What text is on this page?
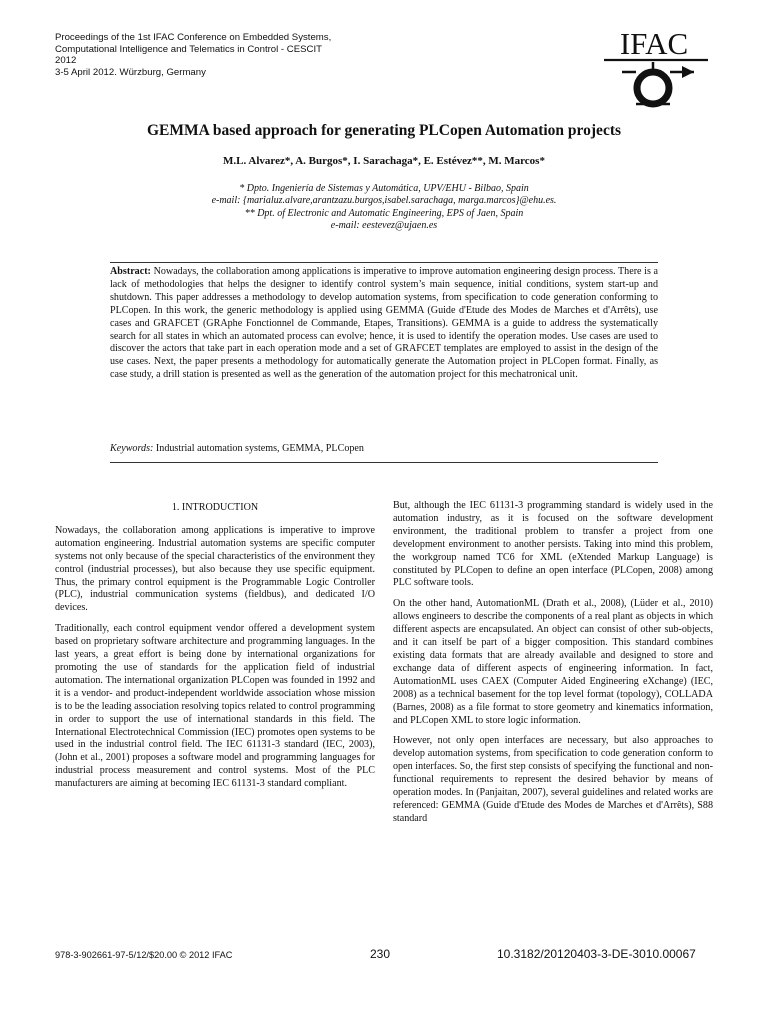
Proceedings of the 1st IFAC Conference on Embedded Systems,
Computational Intelligence and Telematics in Control - CESCIT
2012
3-5 April 2012. Würzburg, Germany
IFAC
GEMMA based approach for generating PLCopen Automation projects
M.L. Alvarez*, A. Burgos*, I. Sarachaga*, E. Estévez**, M. Marcos*
* Dpto. Ingeniería de Sistemas y Automática, UPV/EHU - Bilbao, Spain
e-mail: {marialuz.alvare,arantzazu.burgos,isabel.sarachaga, marga.marcos}@ehu.es.
** Dpt. of Electronic and Automatic Engineering, EPS of Jaen, Spain
e-mail: eestevez@ujaen.es
Abstract: Nowadays, the collaboration among applications is imperative to improve automation engineering design process. There is a lack of methodologies that helps the designer to identify control system’s main sequence, initial conditions, system start-up and shutdown. This paper addresses a methodology to develop automation systems, from specification to code generation conforming to PLCopen. In this work, the generic methodology is applied using GEMMA (Guide d'Etude des Modes de Marches et d'Arrêts), use cases and GRAFCET (GRAphe Fonctionnel de Commande, Etapes, Transitions). GEMMA is a guide to address the systematically search for all states in which an automated process can evolve; hence, it is used to identify the operation modes. Use cases are used to discover the actors that take part in each operation mode and a set of GRAFCET templates are employed to assist in the design of the use cases. Next, the paper presents a methodology for automatically generate the Automation project in PLCopen format. Finally, as case study, a drill station is presented as well as the generation of the automation project for this mechatronical unit.
Keywords: Industrial automation systems, GEMMA, PLCopen
1. INTRODUCTION

Nowadays, the collaboration among applications is imperative to improve automation engineering. Industrial automation systems are specific computer systems not only because of the special characteristics of the environment they control (industrial processes), but also because they use specific equipment. Thus, the primary control equipment is the Programmable Logic Controller (PLC), industrial communication systems (fieldbus), and dedicated I/O devices.

Traditionally, each control equipment vendor offered a development system based on proprietary software architecture and programming languages. In the last years, a great effort is being done by international organizations for promoting the use of standards for the application field of industrial automation. The international organization PLCopen was founded in 1992 and it is a vendor- and product-independent worldwide association whose mission is to be the leading association resolving topics related to control programming in order to support the use of international standards in this field. The International Electrotechnical Commission (IEC) promotes open systems to be used in the industrial control field. The IEC 61131-3 standard (IEC, 2003), (John et al., 2001) proposes a software model and programming languages for industrial process measurement and control systems. Most of the PLC manufacturers are aiming at becoming IEC 61131-3 standard compliant.

But, although the IEC 61131-3 programming standard is widely used in the automation industry, as it is focused on the software development environment, the traditional problem to transfer a project from one development environment to another persists. Taking into mind this problem, the workgroup named TC6 for XML (eXtended Markup Language) is constituted by PLCopen to define an open interface (PLCopen, 2008) among PLC software tools.

On the other hand, AutomationML (Drath et al., 2008), (Lüder et al., 2010) allows engineers to describe the components of a real plant as objects in which different aspects are encapsulated. An object can consist of other sub-objects, and it can itself be part of a bigger composition. This standard combines existing data formats that are already available and designed to store and exchange data of different aspects of engineering information. In fact, AutomationML uses CAEX (Computer Aided Engineering eXchange) (IEC, 2008) as a technical basement for the top level format (topology), COLLADA (Barnes, 2008) as a file format to store geometry and kinematics information, and PLCopen XML to store logic information.

However, not only open interfaces are necessary, but also approaches to develop automation systems, from specification to code generation conform to open interfaces. So, the first step consists of specifying the functional and non-functional requirements to represent the desired behavior by means of operation modes. In (Panjaitan, 2007), several guidelines and related works are referenced: GEMMA (Guide d'Etude des Modes de Marches et d'Arrêts), S88 standard

978-3-902661-97-5/12/$20.00 © 2012 IFAC	230	10.3182/20120403-3-DE-3010.00067
